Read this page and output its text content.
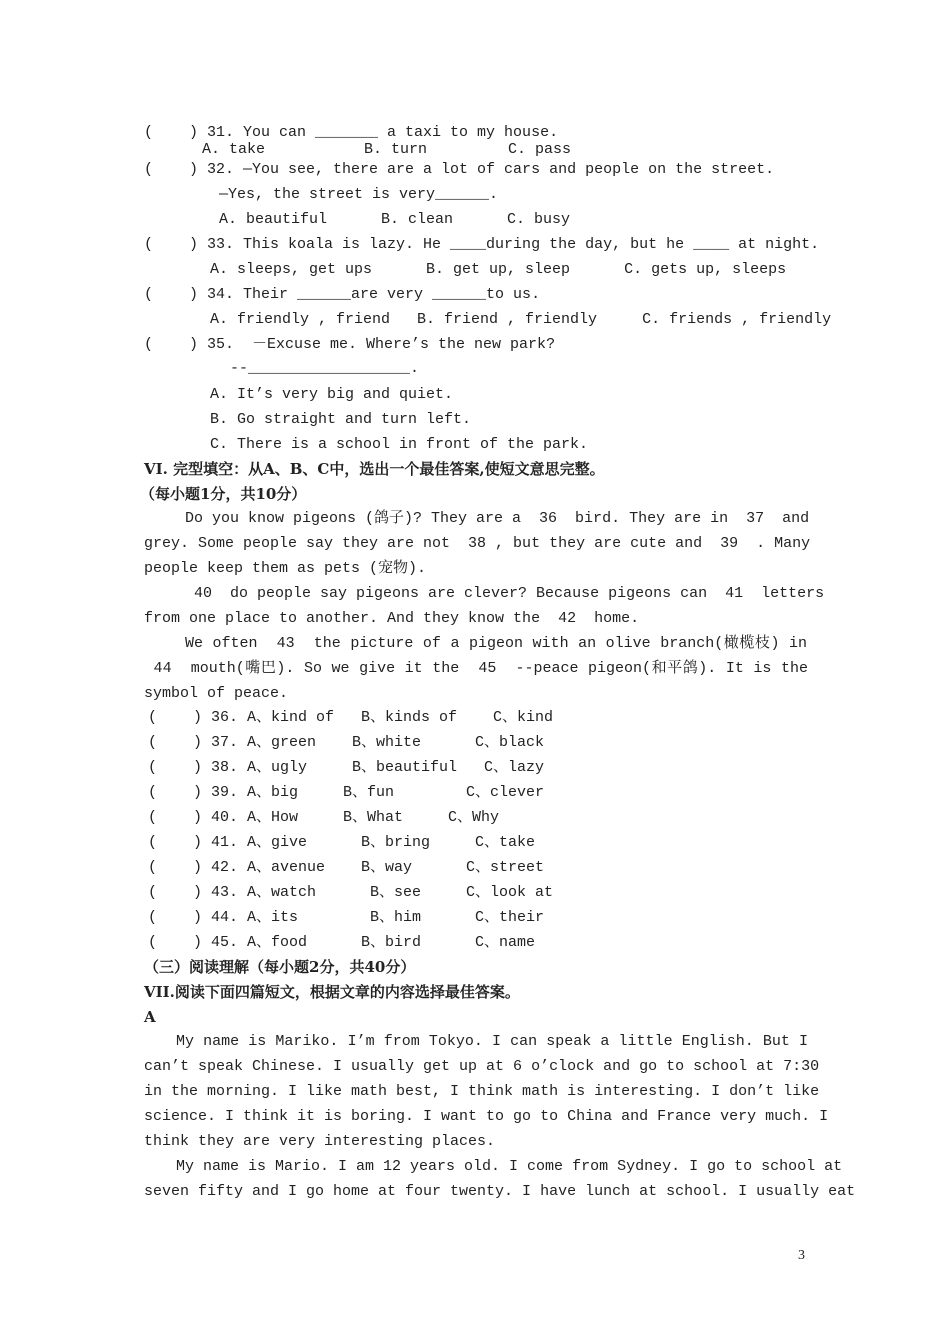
(    ) 31. You can _______ a taxi to my house.
A. take           B. turn         C. pass
(    ) 32. —You see, there are a lot of cars and people on the street.
—Yes, the street is very______.
A. beautiful      B. clean      C. busy
(    ) 33. This koala is lazy. He ____during the day, but he ____ at night.
A. sleeps, get ups      B. get up, sleep      C. gets up, sleeps
(    ) 34. Their ______are very ______to us.
A. friendly , friend   B. friend , friendly     C. friends , friendly
(    ) 35.  －Excuse me. Where’s the new park?
--__________________.
A. It’s very big and quiet.
B. Go straight and turn left.
C. There is a school in front of the park.
VI. 完型填空：从A、B、C中，选出一个最佳答案,使短文意思完整。
（每小题1分，共10分）
Do you know pigeons (鸽子)? They are a  36  bird. They are in  37  and
grey. Some people say they are not  38 , but they are cute and  39  . Many
people keep them as pets (宠物).
40  do people say pigeons are clever? Because pigeons can  41  letters
from one place to another. And they know the  42  home.
We often  43  the picture of a pigeon with an olive branch(橄榄枝) in
44  mouth(嘴巴). So we give it the  45  --peace pigeon(和平鸽). It is the
symbol of peace.
(    ) 36. A、kind of   B、kinds of    C、kind
(    ) 37. A、green    B、white      C、black
(    ) 38. A、ugly     B、beautiful   C、lazy
(    ) 39. A、big     B、fun        C、clever
(    ) 40. A、How     B、What     C、Why
(    ) 41. A、give      B、bring     C、take
(    ) 42. A、avenue    B、way      C、street
(    ) 43. A、watch      B、see     C、look at
(    ) 44. A、its        B、him      C、their
(    ) 45. A、food      B、bird      C、name
（三）阅读理解（每小题2分，共40分）
VII.阅读下面四篇短文，根据文章的内容选择最佳答案。
A
My name is Mariko. I’m from Tokyo. I can speak a little English. But I
can’t speak Chinese. I usually get up at 6 o’clock and go to school at 7:30
in the morning. I like math best, I think math is interesting. I don’t like
science. I think it is boring. I want to go to China and France very much. I
think they are very interesting places.
My name is Mario. I am 12 years old. I come from Sydney. I go to school at
seven fifty and I go home at four twenty. I have lunch at school. I usually eat
3
